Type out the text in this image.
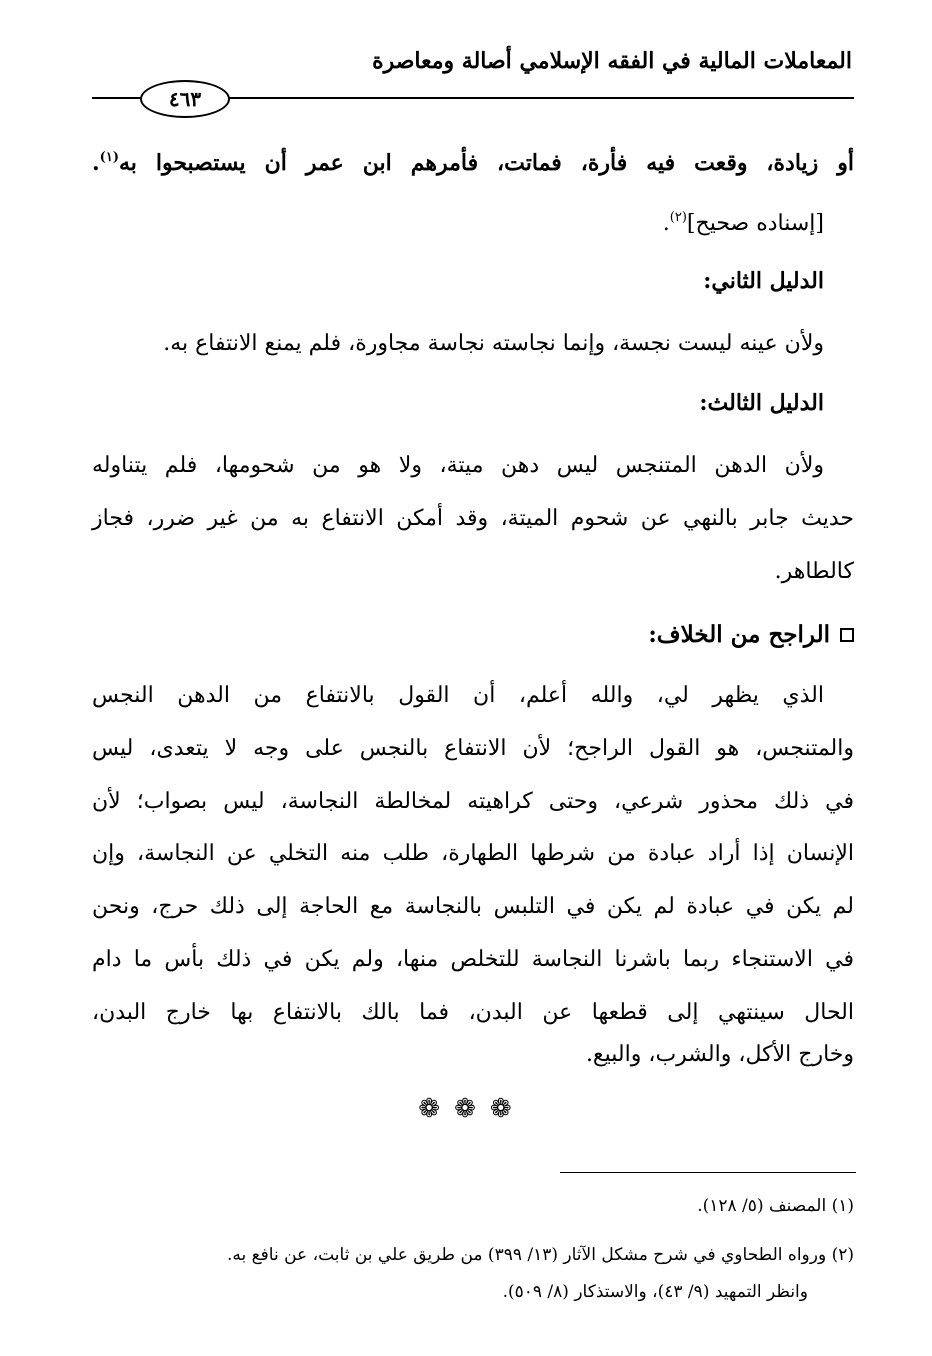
المعاملات المالية في الفقه الإسلامي أصالة ومعاصرة
٤٦٣
أو زيادة، وقعت فيه فأرة، فماتت، فأمرهم ابن عمر أن يستصبحوا به$^{(١)}$.
[إسناده صحيح]$^{(٢)}$.
الدليل الثاني:
ولأن عينه ليست نجسة، وإنما نجاسته نجاسة مجاورة، فلم يمنع الانتفاع به.
الدليل الثالث:
ولأن الدهن المتنجس ليس دهن ميتة، ولا هو من شحومها، فلم يتناوله
حديث جابر بالنهي عن شحوم الميتة، وقد أمكن الانتفاع به من غير ضرر، فجاز
كالطاهر.
الراجح من الخلاف:
الذي يظهر لي، والله أعلم، أن القول بالانتفاع من الدهن النجس
والمتنجس، هو القول الراجح؛ لأن الانتفاع بالنجس على وجه لا يتعدى، ليس
في ذلك محذور شرعي، وحتى كراهيته لمخالطة النجاسة، ليس بصواب؛ لأن
الإنسان إذا أراد عبادة من شرطها الطهارة، طلب منه التخلي عن النجاسة، وإن
لم يكن في عبادة لم يكن في التلبس بالنجاسة مع الحاجة إلى ذلك حرج، ونحن
في الاستنجاء ربما باشرنا النجاسة للتخلص منها، ولم يكن في ذلك بأس ما دام
الحال سينتهي إلى قطعها عن البدن، فما بالك بالانتفاع بها خارج البدن،
وخارج الأكل، والشرب، والبيع.
❁ ❁ ❁
(١) المصنف (٥/ ١٢٨).
(٢) ورواه الطحاوي في شرح مشكل الآثار (١٣/ ٣٩٩) من طريق علي بن ثابت، عن نافع به.
وانظر التمهيد (٩/ ٤٣)، والاستذكار (٨/ ٥٠٩).
